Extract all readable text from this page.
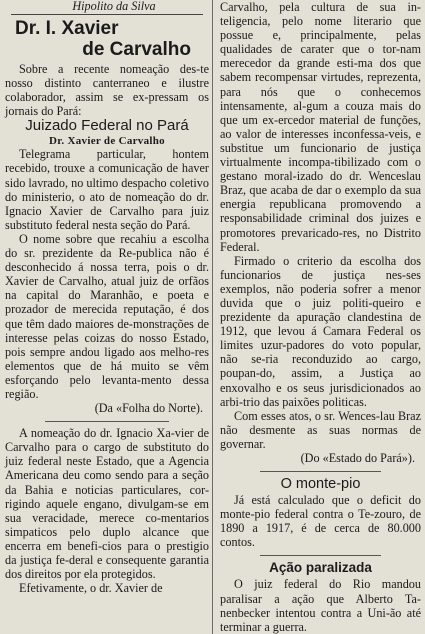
Hipolito da Silva

Dr. I. Xavier
de Carvalho

Sobre a recente nomeação des-te nosso distinto canterraneo e ilustre colaborador, assim se ex-pressam os jornais do Pará:

Juizado Federal no Pará
Dr. Xavier de Carvalho

Telegrama particular, hontem recebido, trouxe a comunicação de haver sido lavrado, no ultimo despacho coletivo do ministerio, o ato de nomeação do dr. Ignacio Xavier de Carvalho para juiz substituto federal nesta seção do Pará.

O nome sobre que recahiu a escolha do sr. prezidente da Re-publica não é desconhecido á nossa terra, pois o dr. Xavier de Carvalho, atual juiz de orfãos na capital do Maranhão, e poeta e prozador de merecida reputação, é dos que têm dado maiores de-monstrações de interesse pelas coizas do nosso Estado, pois sempre andou ligado aos melho-res elementos que de há muito se vêm esforçando pelo levanta-mento dessa região.

(Da «Folha do Norte).

A nomeação do dr. Ignacio Xa-vier de Carvalho para o cargo de substituto do juiz federal neste Estado, que a Agencia Americana deu como sendo para a seção da Bahia e noticias particulares, cor-rigindo aquele engano, divulgam-se em sua veracidade, merece co-mentarios simpaticos pelo duplo alcance que encerra em benefi-cios para o prestigio da justiça fe-deral e consequente garantia dos direitos por ela protegidos.

Efetivamente, o dr. Xavier de

Carvalho, pela cultura de sua in-teligencia, pelo nome literario que possue e, principalmente, pelas qualidades de carater que o tor-nam merecedor da grande esti-ma dos que sabem recompensar virtudes, reprezenta, para nós que o conhecemos intensamente, al-gum a couza mais do que um ex-ercedor material de funções, ao valor de interesses inconfessa-veis, e substitue um funcionario de justiça virtualmente incompa-tibilizado com o gestano moral-izado do dr. Wenceslau Braz, que acaba de dar o exemplo da sua energia republicana promovendo a responsabilidade criminal dos juizes e promotores prevaricado-res, no Distrito Federal.

Firmado o criterio da escolha dos funcionarios de justiça nes-ses exemplos, não poderia sofrer a menor duvida que o juiz politi-queiro e prezidente da apuração clandestina de 1912, que levou á Camara Federal os limites uzur-padores do voto popular, não se-ria reconduzido ao cargo, poupan-do, assim, a Justiça ao enxovalho e os seus jurisdicionados ao arbi-trio das paixões politicas.

Com esses atos, o sr. Wences-lau Braz não desmente as suas normas de governar.

(Do «Estado do Pará»).

O monte-pio

Já está calculado que o deficit do monte-pio federal contra o Te-zouro, de 1890 a 1917, é de cerca de 80.000 contos.

Ação paralizada

O juiz federal do Rio mandou paralisar a ação que Alberto Ta-nenbecker intentou contra a Uni-ão até terminar a guerra.
